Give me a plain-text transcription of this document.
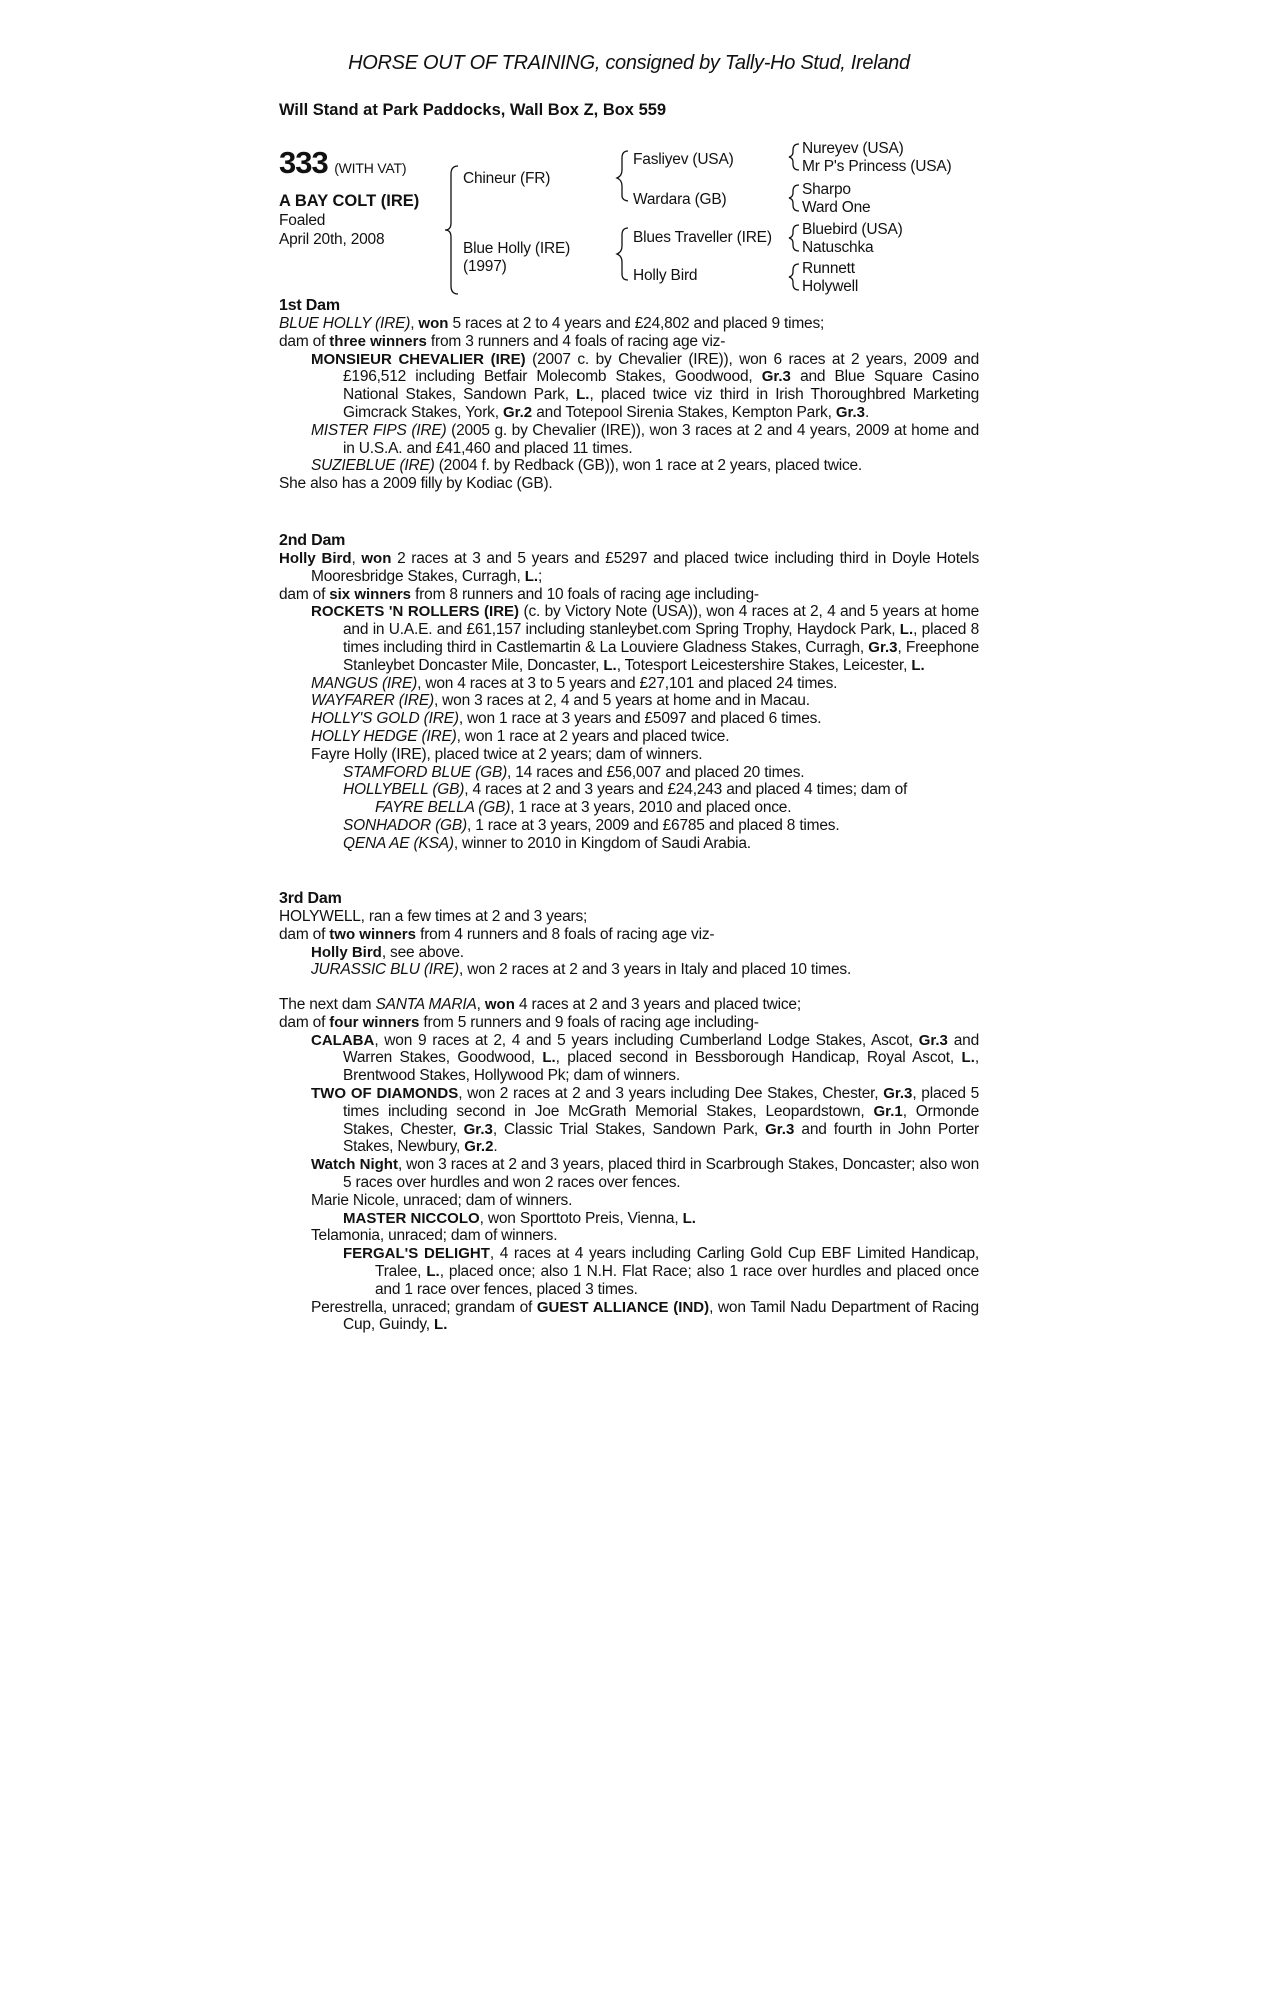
HORSE OUT OF TRAINING, consigned by Tally-Ho Stud, Ireland
Will Stand at Park Paddocks, Wall Box Z, Box 559
333 (WITH VAT)
A BAY COLT (IRE)
Foaled
April 20th, 2008
Chineur (FR)
Blue Holly (IRE)
(1997)
Fasliyev (USA)
Wardara (GB)
Blues Traveller (IRE)
Holly Bird
Nureyev (USA)
Mr P's Princess (USA)
Sharpo
Ward One
Bluebird (USA)
Natuschka
Runnett
Holywell
1st Dam

BLUE HOLLY (IRE), won 5 races at 2 to 4 years and £24,802 and placed 9 times;

dam of three winners from 3 runners and 4 foals of racing age viz-

MONSIEUR CHEVALIER (IRE) (2007 c. by Chevalier (IRE)), won 6 races at 2 years, 2009 and £196,512 including Betfair Molecomb Stakes, Goodwood, Gr.3 and Blue Square Casino National Stakes, Sandown Park, L., placed twice viz third in Irish Thoroughbred Marketing Gimcrack Stakes, York, Gr.2 and Totepool Sirenia Stakes, Kempton Park, Gr.3.

MISTER FIPS (IRE) (2005 g. by Chevalier (IRE)), won 3 races at 2 and 4 years, 2009 at home and in U.S.A. and £41,460 and placed 11 times.

SUZIEBLUE (IRE) (2004 f. by Redback (GB)), won 1 race at 2 years, placed twice.

She also has a 2009 filly by Kodiac (GB).

2nd Dam

Holly Bird, won 2 races at 3 and 5 years and £5297 and placed twice including third in Doyle Hotels Mooresbridge Stakes, Curragh, L.;

dam of six winners from 8 runners and 10 foals of racing age including-

ROCKETS 'N ROLLERS (IRE) (c. by Victory Note (USA)), won 4 races at 2, 4 and 5 years at home and in U.A.E. and £61,157 including stanleybet.com Spring Trophy, Haydock Park, L., placed 8 times including third in Castlemartin & La Louviere Gladness Stakes, Curragh, Gr.3, Freephone Stanleybet Doncaster Mile, Doncaster, L., Totesport Leicestershire Stakes, Leicester, L.

MANGUS (IRE), won 4 races at 3 to 5 years and £27,101 and placed 24 times.

WAYFARER (IRE), won 3 races at 2, 4 and 5 years at home and in Macau.

HOLLY'S GOLD (IRE), won 1 race at 3 years and £5097 and placed 6 times.

HOLLY HEDGE (IRE), won 1 race at 2 years and placed twice.

Fayre Holly (IRE), placed twice at 2 years; dam of winners.

STAMFORD BLUE (GB), 14 races and £56,007 and placed 20 times.

HOLLYBELL (GB), 4 races at 2 and 3 years and £24,243 and placed 4 times; dam of

FAYRE BELLA (GB), 1 race at 3 years, 2010 and placed once.

SONHADOR (GB), 1 race at 3 years, 2009 and £6785 and placed 8 times.

QENA AE (KSA), winner to 2010 in Kingdom of Saudi Arabia.

3rd Dam

HOLYWELL, ran a few times at 2 and 3 years;

dam of two winners from 4 runners and 8 foals of racing age viz-

Holly Bird, see above.

JURASSIC BLU (IRE), won 2 races at 2 and 3 years in Italy and placed 10 times.

The next dam SANTA MARIA, won 4 races at 2 and 3 years and placed twice;

dam of four winners from 5 runners and 9 foals of racing age including-

CALABA, won 9 races at 2, 4 and 5 years including Cumberland Lodge Stakes, Ascot, Gr.3 and Warren Stakes, Goodwood, L., placed second in Bessborough Handicap, Royal Ascot, L., Brentwood Stakes, Hollywood Pk; dam of winners.

TWO OF DIAMONDS, won 2 races at 2 and 3 years including Dee Stakes, Chester, Gr.3, placed 5 times including second in Joe McGrath Memorial Stakes, Leopardstown, Gr.1, Ormonde Stakes, Chester, Gr.3, Classic Trial Stakes, Sandown Park, Gr.3 and fourth in John Porter Stakes, Newbury, Gr.2.

Watch Night, won 3 races at 2 and 3 years, placed third in Scarbrough Stakes, Doncaster; also won 5 races over hurdles and won 2 races over fences.

Marie Nicole, unraced; dam of winners.

MASTER NICCOLO, won Sporttoto Preis, Vienna, L.

Telamonia, unraced; dam of winners.

FERGAL'S DELIGHT, 4 races at 4 years including Carling Gold Cup EBF Limited Handicap, Tralee, L., placed once; also 1 N.H. Flat Race; also 1 race over hurdles and placed once and 1 race over fences, placed 3 times.

Perestrella, unraced; grandam of GUEST ALLIANCE (IND), won Tamil Nadu Department of Racing Cup, Guindy, L.
